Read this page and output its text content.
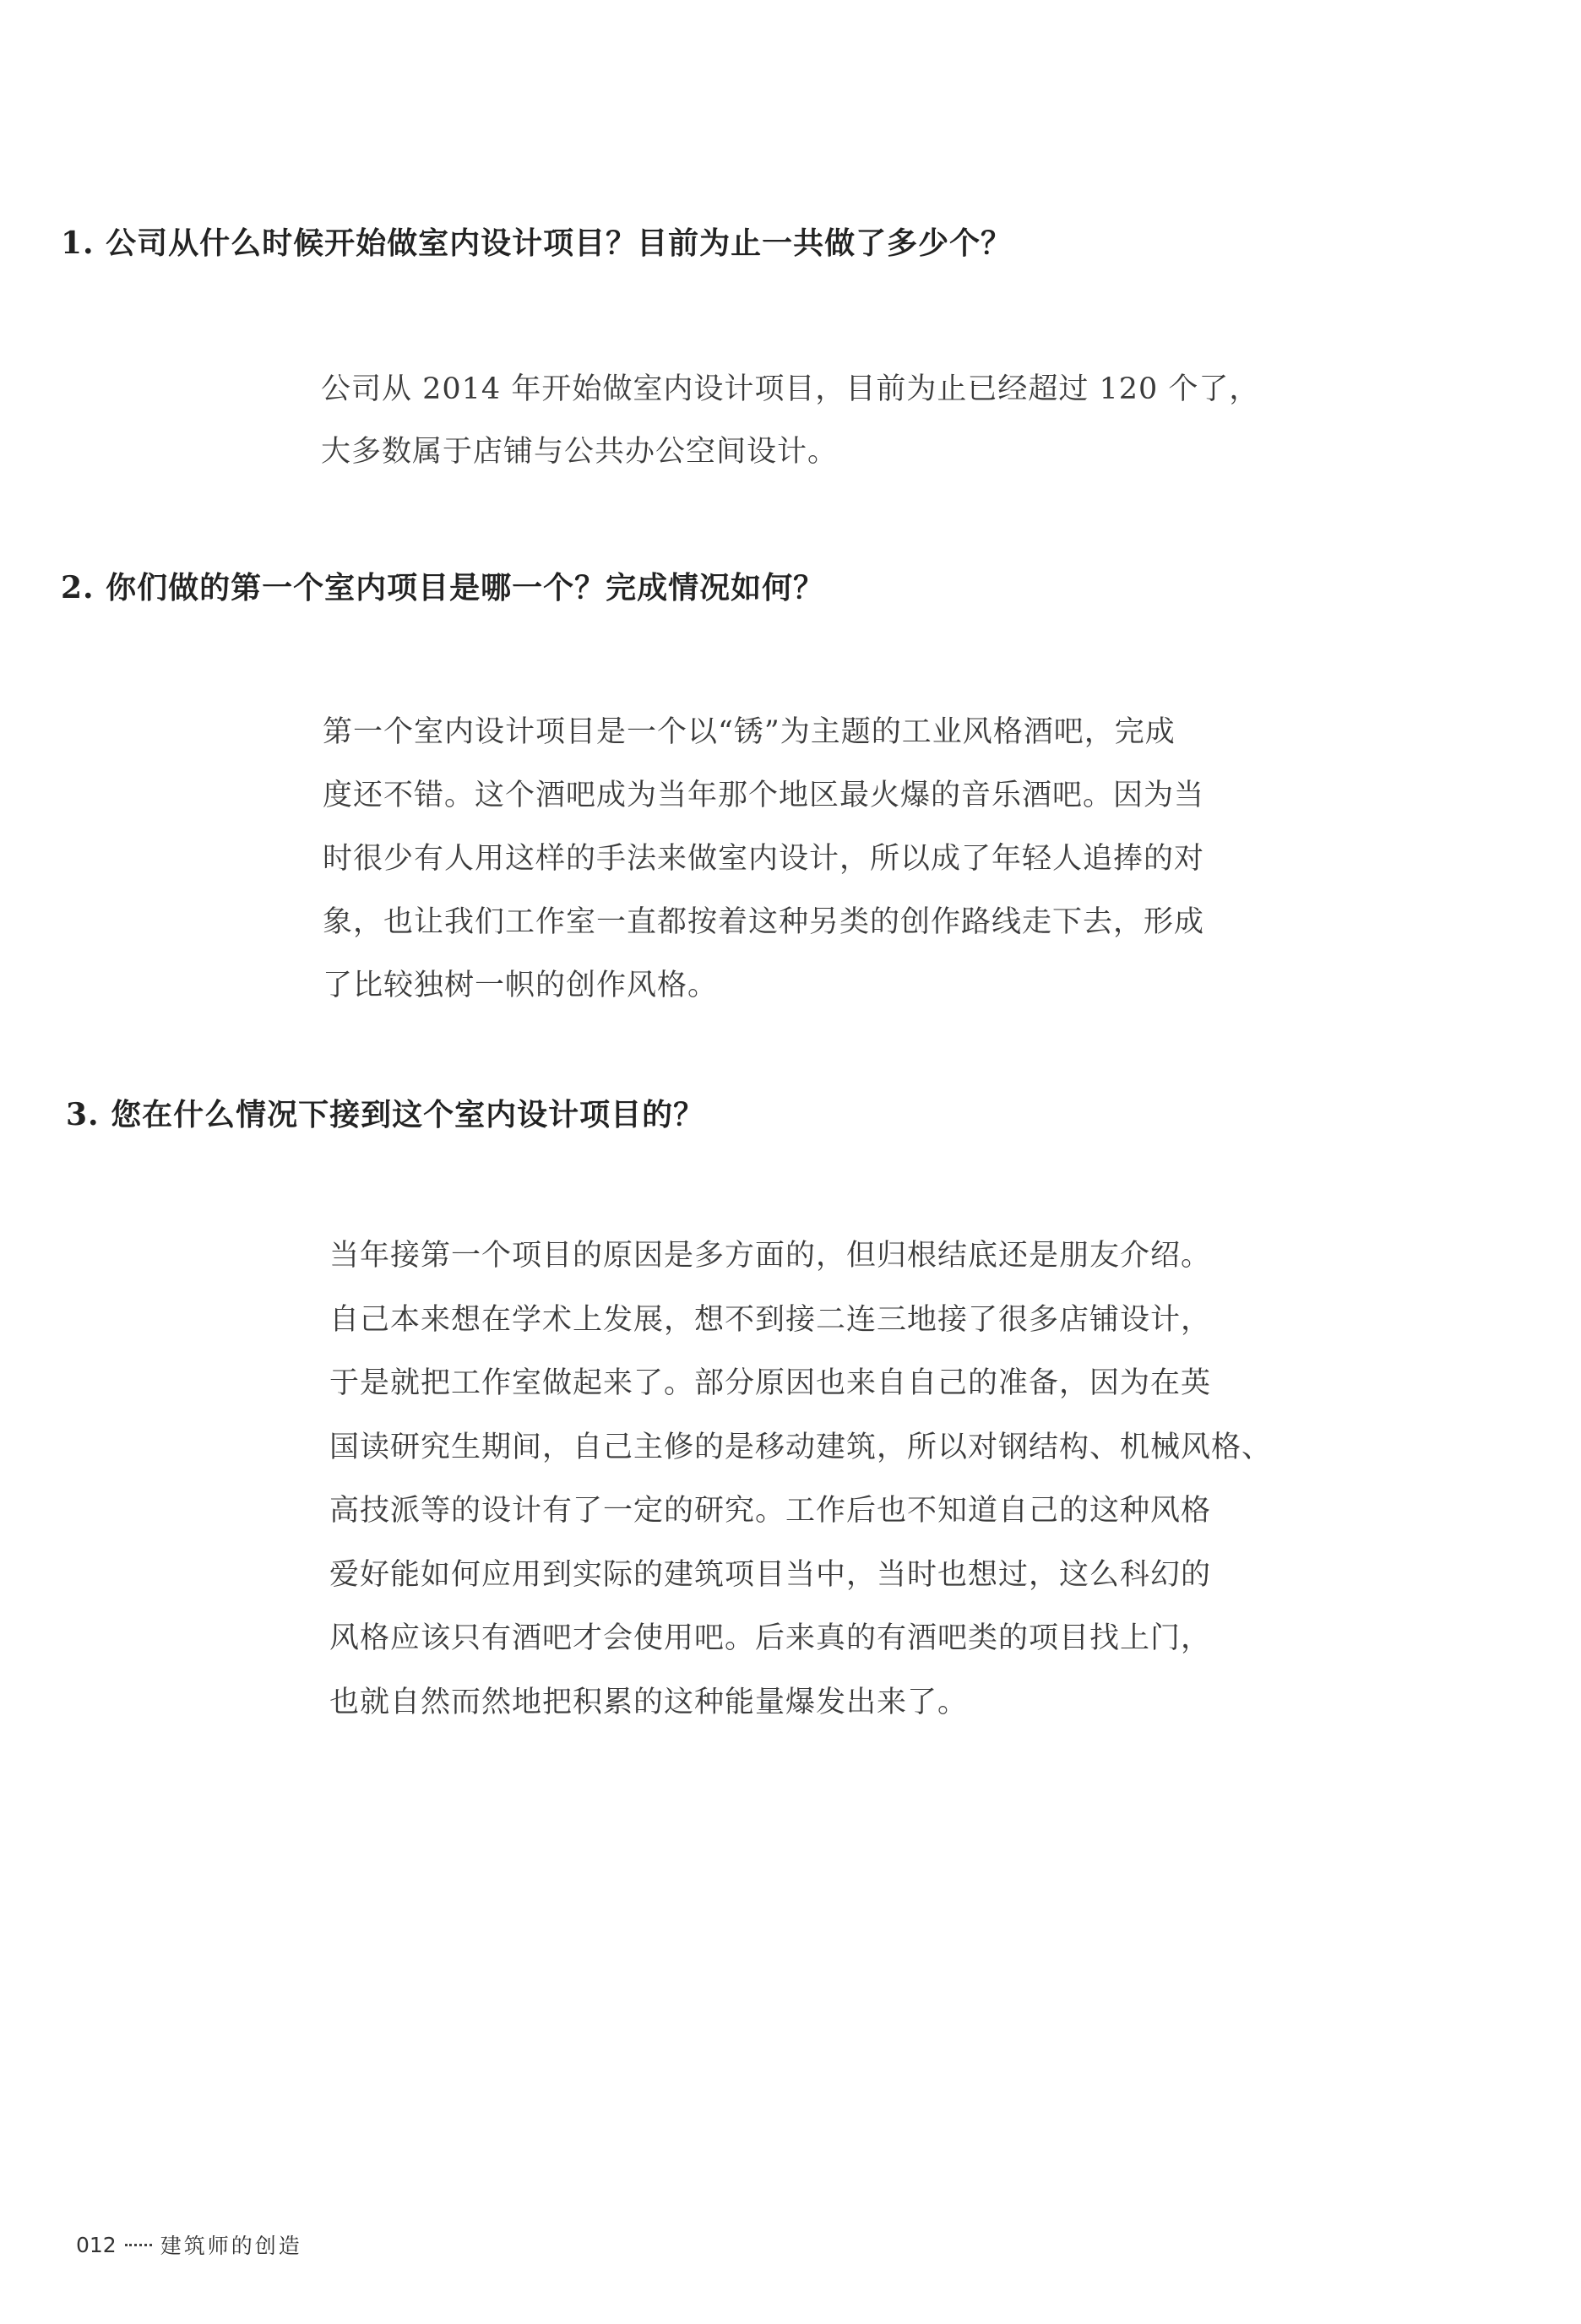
1. 公司从什么时候开始做室内设计项目？目前为止一共做了多少个？
公司从 2014 年开始做室内设计项目，目前为止已经超过 120 个了，
大多数属于店铺与公共办公空间设计。
2. 你们做的第一个室内项目是哪一个？完成情况如何？
第一个室内设计项目是一个以“锈”为主题的工业风格酒吧，完成
度还不错。这个酒吧成为当年那个地区最火爆的音乐酒吧。因为当
时很少有人用这样的手法来做室内设计，所以成了年轻人追捧的对
象，也让我们工作室一直都按着这种另类的创作路线走下去，形成
了比较独树一帜的创作风格。
3. 您在什么情况下接到这个室内设计项目的？
当年接第一个项目的原因是多方面的，但归根结底还是朋友介绍。
自己本来想在学术上发展，想不到接二连三地接了很多店铺设计，
于是就把工作室做起来了。部分原因也来自自己的准备，因为在英
国读研究生期间，自己主修的是移动建筑，所以对钢结构、机械风格、
高技派等的设计有了一定的研究。工作后也不知道自己的这种风格
爱好能如何应用到实际的建筑项目当中，当时也想过，这么科幻的
风格应该只有酒吧才会使用吧。后来真的有酒吧类的项目找上门，
也就自然而然地把积累的这种能量爆发出来了。
012 建筑师的创造
